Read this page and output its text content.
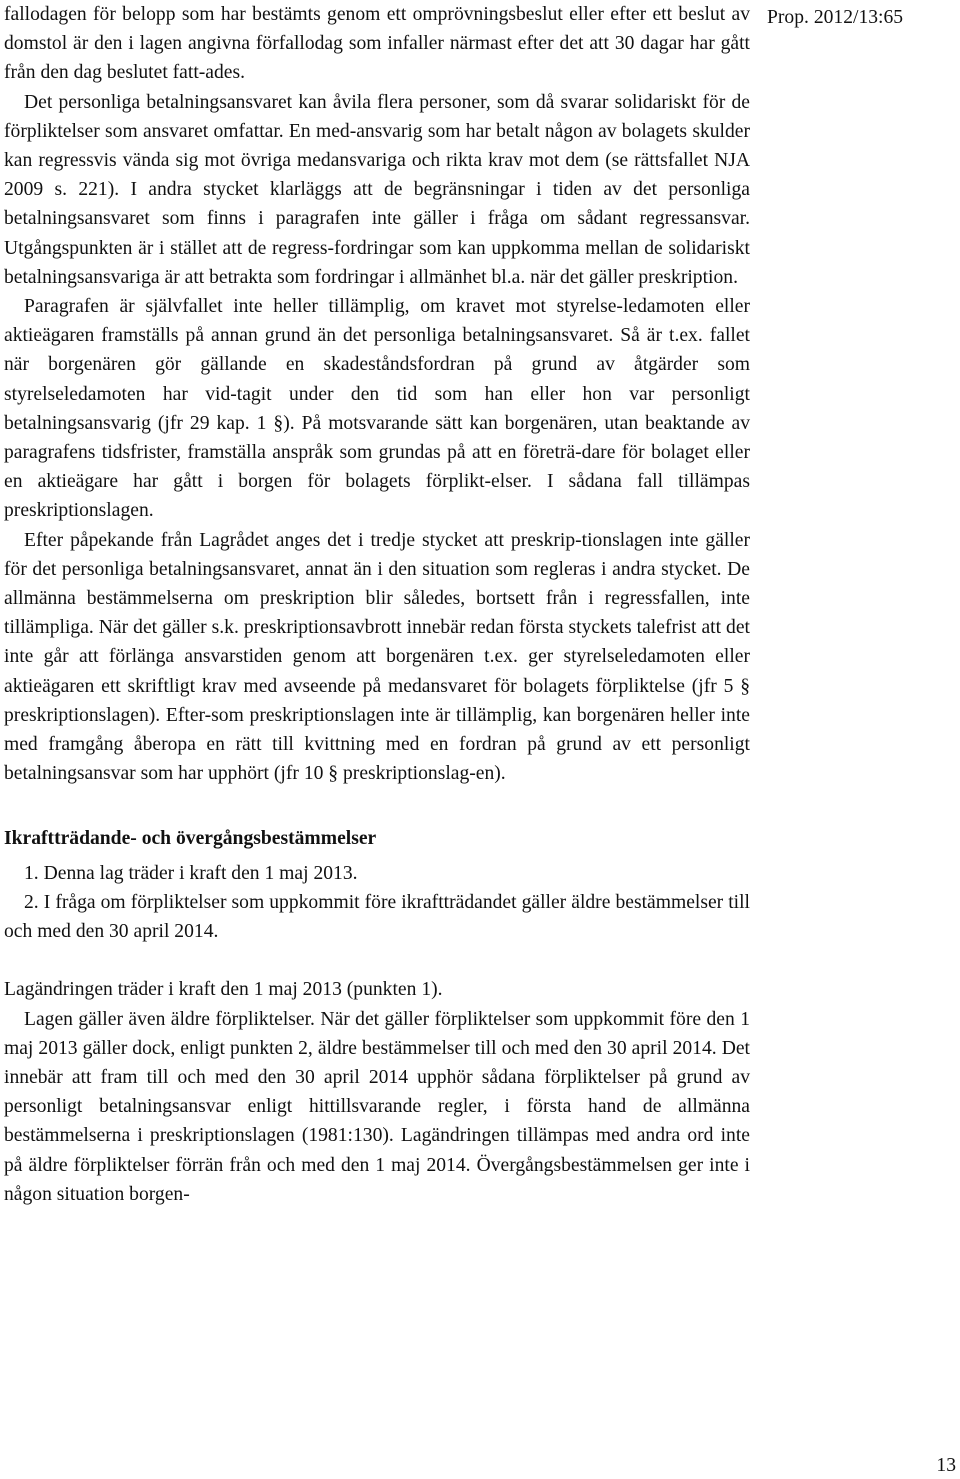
Prop. 2012/13:65

fallodagen för belopp som har bestämts genom ett omprövningsbeslut eller efter ett beslut av domstol är den i lagen angivna förfallodag som infaller närmast efter det att 30 dagar har gått från den dag beslutet fatt-ades.

Det personliga betalningsansvaret kan åvila flera personer, som då svarar solidariskt för de förpliktelser som ansvaret omfattar. En med-ansvarig som har betalt någon av bolagets skulder kan regressvis vända sig mot övriga medansvariga och rikta krav mot dem (se rättsfallet NJA 2009 s. 221). I andra stycket klarläggs att de begränsningar i tiden av det personliga betalningsansvaret som finns i paragrafen inte gäller i fråga om sådant regressansvar. Utgångspunkten är i stället att de regress-fordringar som kan uppkomma mellan de solidariskt betalningsansvariga är att betrakta som fordringar i allmänhet bl.a. när det gäller preskription.

Paragrafen är självfallet inte heller tillämplig, om kravet mot styrelse-ledamoten eller aktieägaren framställs på annan grund än det personliga betalningsansvaret. Så är t.ex. fallet när borgenären gör gällande en skadeståndsfordran på grund av åtgärder som styrelseledamoten har vid-tagit under den tid som han eller hon var personligt betalningsansvarig (jfr 29 kap. 1 §). På motsvarande sätt kan borgenären, utan beaktande av paragrafens tidsfrister, framställa anspråk som grundas på att en företrä-dare för bolaget eller en aktieägare har gått i borgen för bolagets förplikt-elser. I sådana fall tillämpas preskriptionslagen.

Efter påpekande från Lagrådet anges det i tredje stycket att preskrip-tionslagen inte gäller för det personliga betalningsansvaret, annat än i den situation som regleras i andra stycket. De allmänna bestämmelserna om preskription blir således, bortsett från i regressfallen, inte tillämpliga. När det gäller s.k. preskriptionsavbrott innebär redan första styckets talefrist att det inte går att förlänga ansvarstiden genom att borgenären t.ex. ger styrelseledamoten eller aktieägaren ett skriftligt krav med avseende på medansvaret för bolagets förpliktelse (jfr 5 § preskriptionslagen). Efter-som preskriptionslagen inte är tillämplig, kan borgenären heller inte med framgång åberopa en rätt till kvittning med en fordran på grund av ett personligt betalningsansvar som har upphört (jfr 10 § preskriptionslag-en).

Ikraftträdande- och övergångsbestämmelser

1. Denna lag träder i kraft den 1 maj 2013.
2. I fråga om förpliktelser som uppkommit före ikraftträdandet gäller äldre bestämmelser till och med den 30 april 2014.

Lagändringen träder i kraft den 1 maj 2013 (punkten 1).

Lagen gäller även äldre förpliktelser. När det gäller förpliktelser som uppkommit före den 1 maj 2013 gäller dock, enligt punkten 2, äldre bestämmelser till och med den 30 april 2014. Det innebär att fram till och med den 30 april 2014 upphör sådana förpliktelser på grund av personligt betalningsansvar enligt hittillsvarande regler, i första hand de allmänna bestämmelserna i preskriptionslagen (1981:130). Lagändringen tillämpas med andra ord inte på äldre förpliktelser förrän från och med den 1 maj 2014. Övergångsbestämmelsen ger inte i någon situation borgen-

13
